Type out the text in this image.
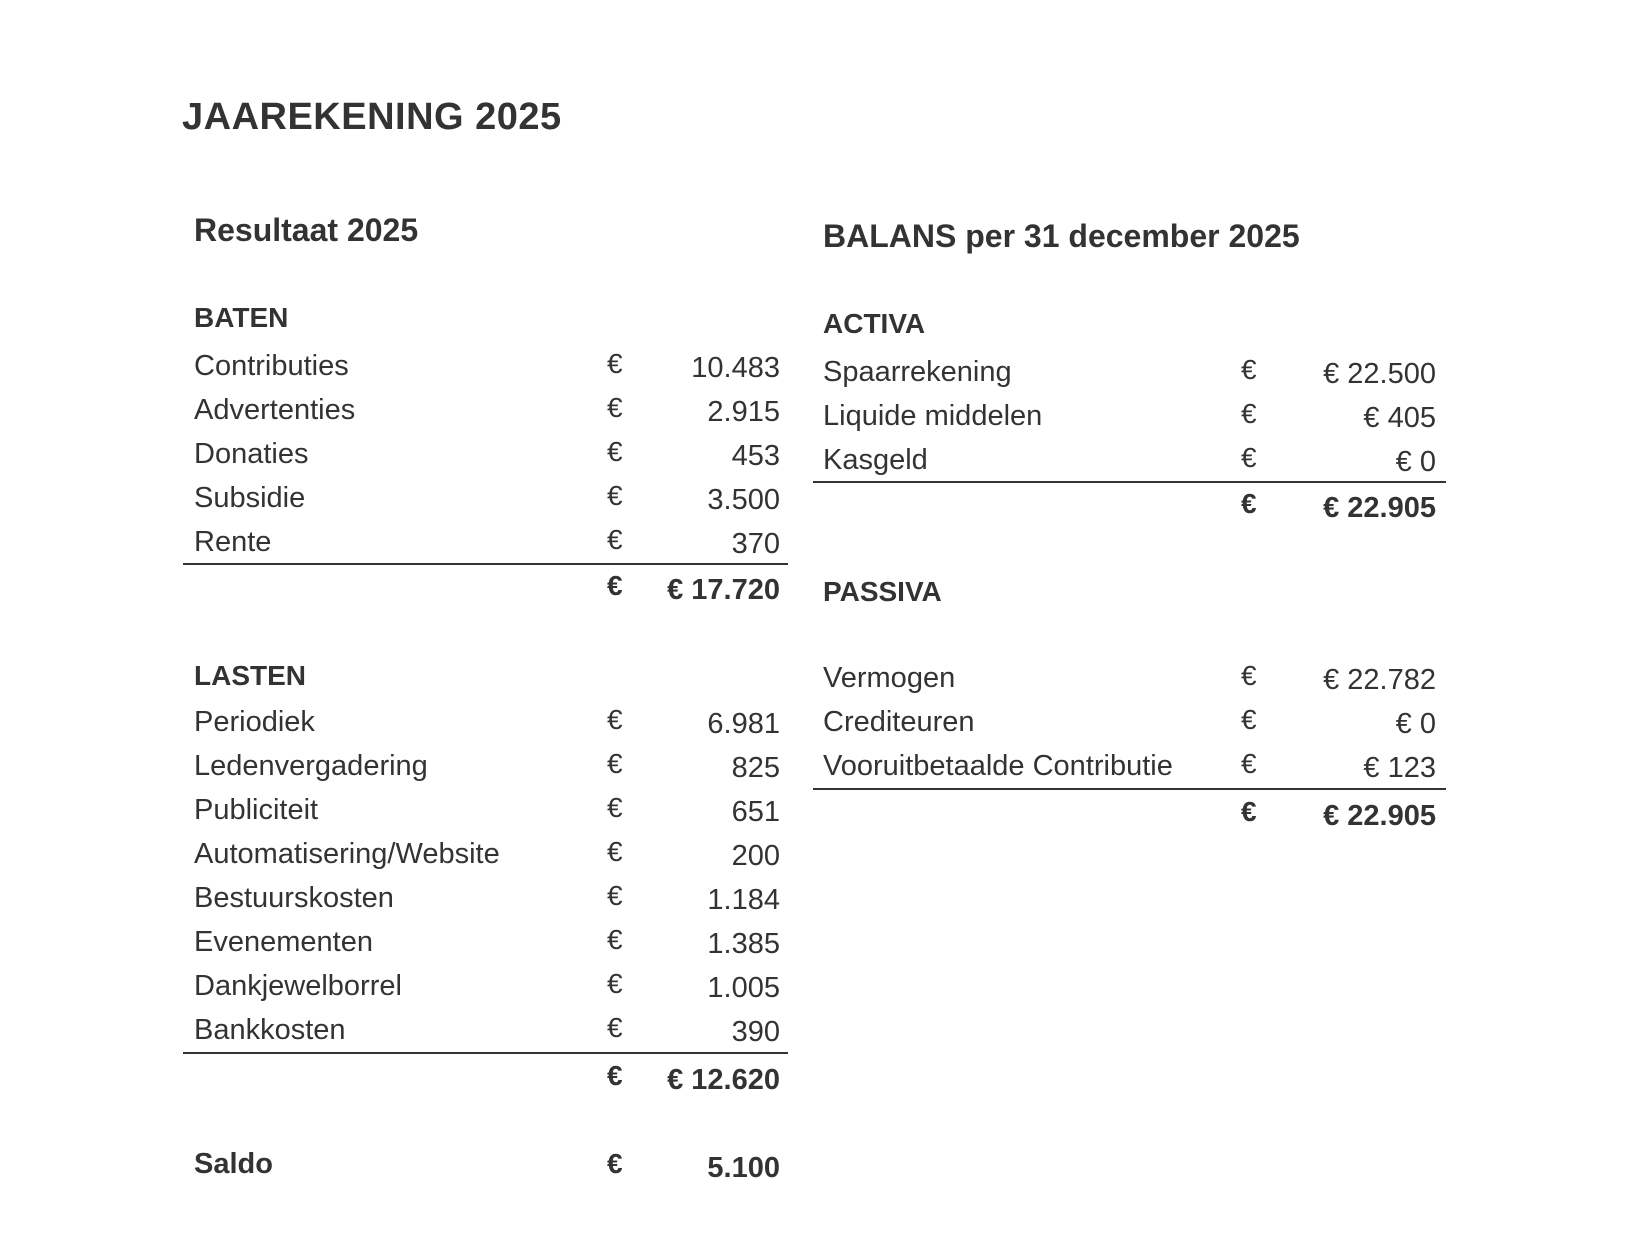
JAAREKENING 2025
Resultaat 2025
BATEN
Contributies	€	10.483
Advertenties	€	2.915
Donaties	€	453
Subsidie	€	3.500
Rente	€	370
€	€ 17.720
LASTEN
Periodiek	€	6.981
Ledenvergadering	€	825
Publiciteit	€	651
Automatisering/Website	€	200
Bestuurskosten	€	1.184
Evenementen	€	1.385
Dankjewelborrel	€	1.005
Bankkosten	€	390
€	€ 12.620
Saldo	€	5.100
BALANS per 31 december 2025
ACTIVA
Spaarrekening	€	€ 22.500
Liquide middelen	€	€ 405
Kasgeld	€	€ 0
€	€ 22.905
PASSIVA
Vermogen	€	€ 22.782
Crediteuren	€	€ 0
Vooruitbetaalde Contributie €	€ 123
€	€ 22.905
